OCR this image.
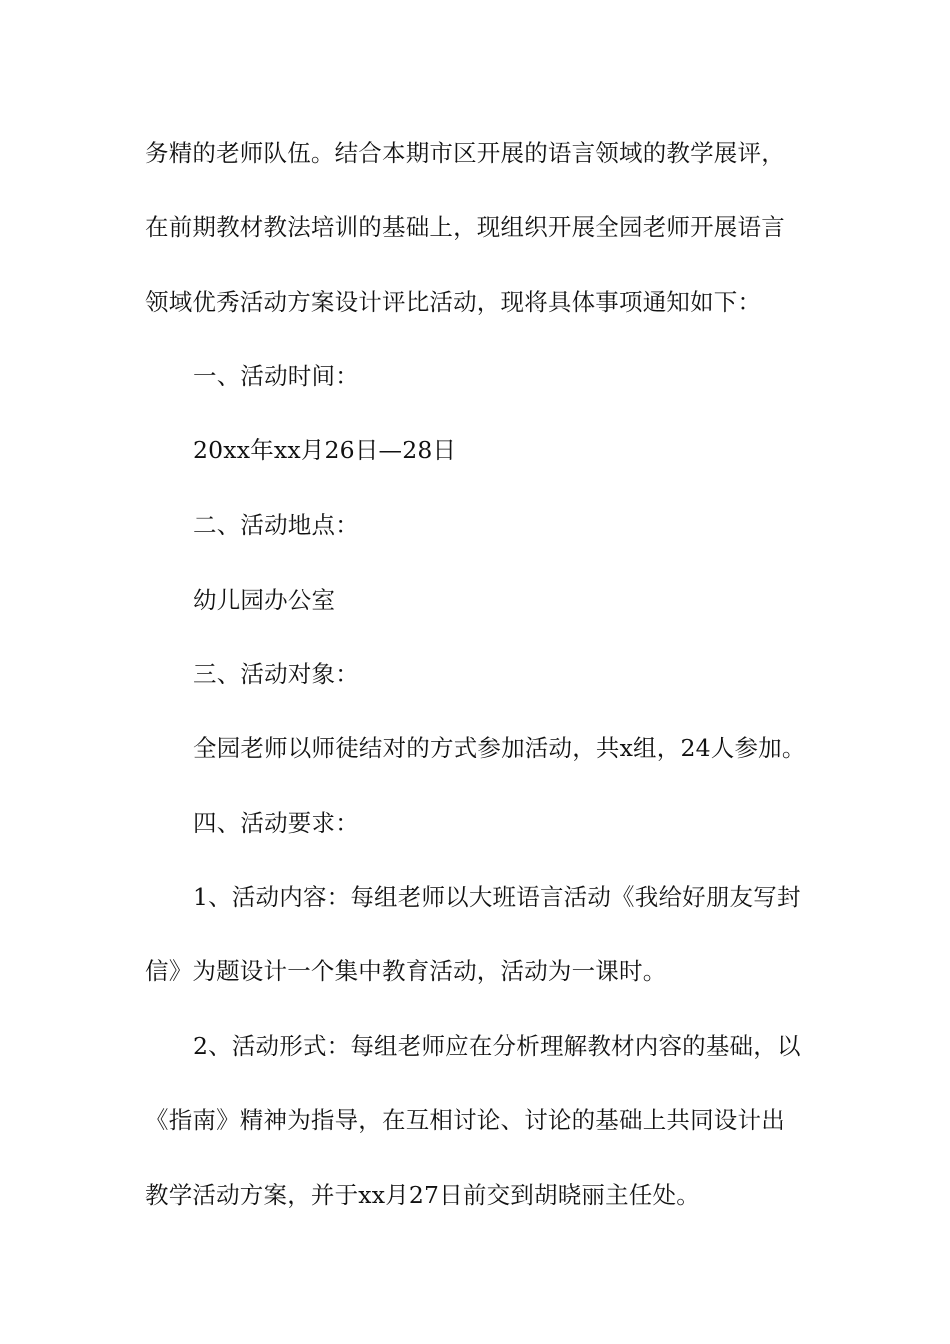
务精的老师队伍。结合本期市区开展的语言领域的教学展评，
在前期教材教法培训的基础上，现组织开展全园老师开展语言
领域优秀活动方案设计评比活动，现将具体事项通知如下：
一、活动时间：
20xx年xx月26日—28日
二、活动地点：
幼儿园办公室
三、活动对象：
全园老师以师徒结对的方式参加活动，共x组，24人参加。
四、活动要求：
1、活动内容：每组老师以大班语言活动《我给好朋友写封
信》为题设计一个集中教育活动，活动为一课时。
2、活动形式：每组老师应在分析理解教材内容的基础，以
《指南》精神为指导，在互相讨论、讨论的基础上共同设计出
教学活动方案，并于xx月27日前交到胡晓丽主任处。
